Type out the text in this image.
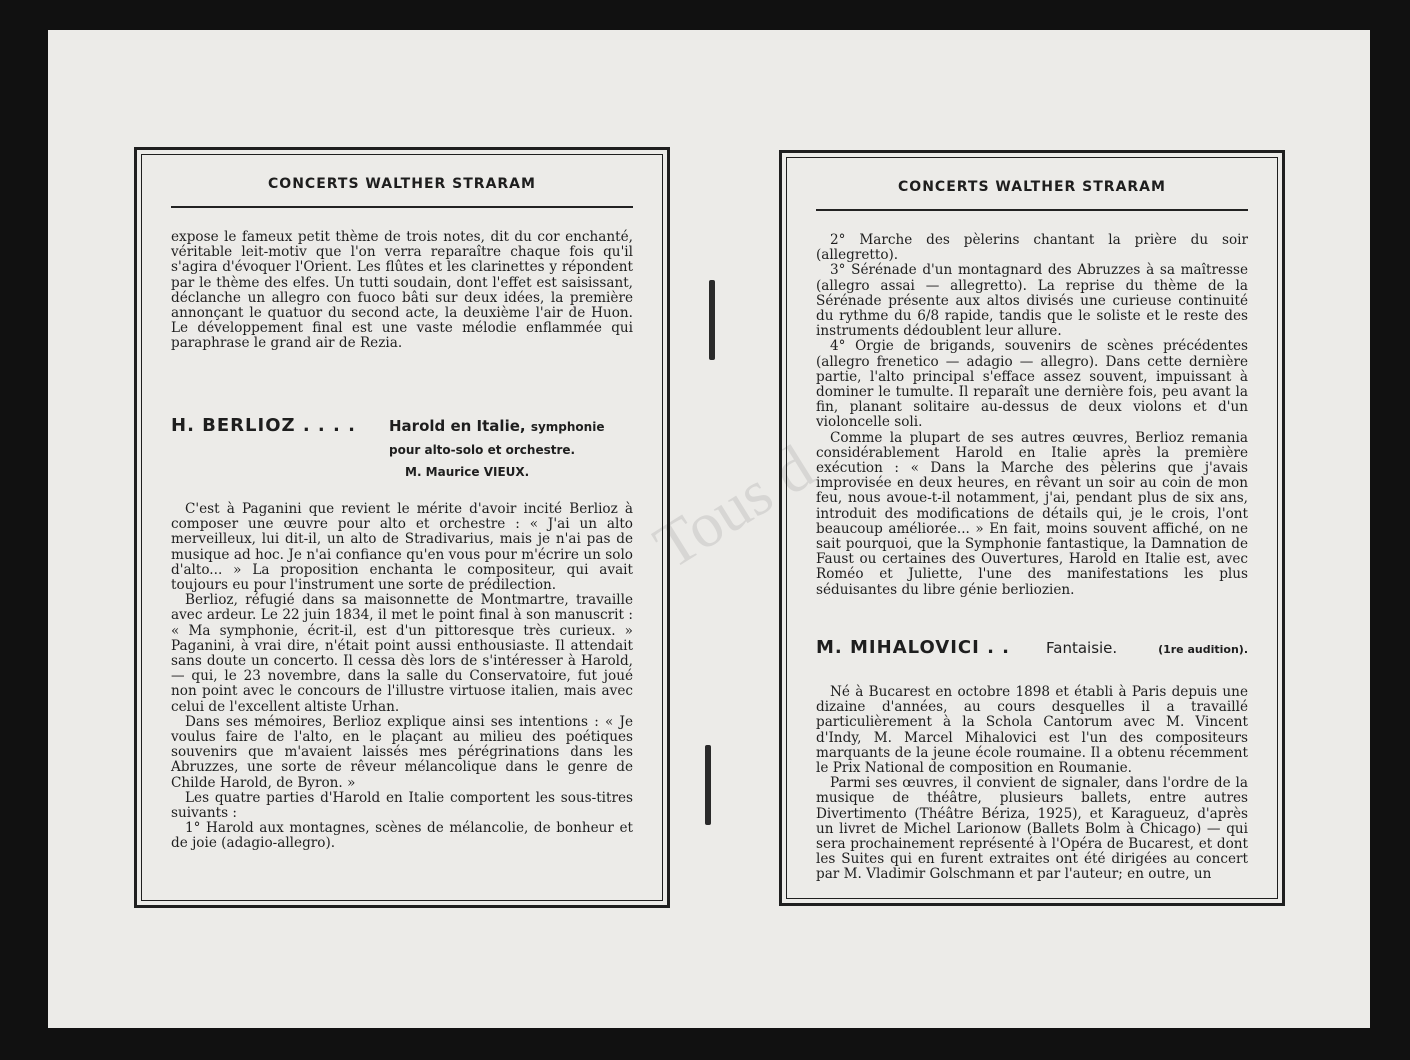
Tous d
CONCERTS WALTHER STRARAM

expose le fameux petit thème de trois notes, dit du cor enchanté, véritable leit-motiv que l'on verra reparaître chaque fois qu'il s'agira d'évoquer l'Orient. Les flûtes et les clarinettes y répondent par le thème des elfes. Un tutti soudain, dont l'effet est saisissant, déclanche un allegro con fuoco bâti sur deux idées, la première annonçant le quatuor du second acte, la deuxième l'air de Huon. Le développement final est une vaste mélodie enflammée qui paraphrase le grand air de Rezia.

H. BERLIOZ . . . . Harold en Italie, symphonie
pour alto-solo et orchestre.
M. Maurice VIEUX.

C'est à Paganini que revient le mérite d'avoir incité Berlioz à composer une œuvre pour alto et orchestre : « J'ai un alto merveilleux, lui dit-il, un alto de Stradivarius, mais je n'ai pas de musique ad hoc. Je n'ai confiance qu'en vous pour m'écrire un solo d'alto... » La proposition enchanta le compositeur, qui avait toujours eu pour l'instrument une sorte de prédilection.

Berlioz, réfugié dans sa maisonnette de Montmartre, travaille avec ardeur. Le 22 juin 1834, il met le point final à son manuscrit : « Ma symphonie, écrit-il, est d'un pittoresque très curieux. » Paganini, à vrai dire, n'était point aussi enthousiaste. Il attendait sans doute un concerto. Il cessa dès lors de s'intéresser à Harold, — qui, le 23 novembre, dans la salle du Conservatoire, fut joué non point avec le concours de l'illustre virtuose italien, mais avec celui de l'excellent altiste Urhan.

Dans ses mémoires, Berlioz explique ainsi ses intentions : « Je voulus faire de l'alto, en le plaçant au milieu des poétiques souvenirs que m'avaient laissés mes pérégrinations dans les Abruzzes, une sorte de rêveur mélancolique dans le genre de Childe Harold, de Byron. »

Les quatre parties d'Harold en Italie comportent les sous-titres suivants :

1° Harold aux montagnes, scènes de mélancolie, de bonheur et de joie (adagio-allegro).

CONCERTS WALTHER STRARAM

2° Marche des pèlerins chantant la prière du soir (allegretto).

3° Sérénade d'un montagnard des Abruzzes à sa maîtresse (allegro assai — allegretto). La reprise du thème de la Sérénade présente aux altos divisés une curieuse continuité du rythme du 6/8 rapide, tandis que le soliste et le reste des instruments dédoublent leur allure.

4° Orgie de brigands, souvenirs de scènes précédentes (allegro frenetico — adagio — allegro). Dans cette dernière partie, l'alto principal s'efface assez souvent, impuissant à dominer le tumulte. Il reparaît une dernière fois, peu avant la fin, planant solitaire au-dessus de deux violons et d'un violoncelle soli.

Comme la plupart de ses autres œuvres, Berlioz remania considérablement Harold en Italie après la première exécution : « Dans la Marche des pèlerins que j'avais improvisée en deux heures, en rêvant un soir au coin de mon feu, nous avoue-t-il notamment, j'ai, pendant plus de six ans, introduit des modifications de détails qui, je le crois, l'ont beaucoup améliorée... » En fait, moins souvent affiché, on ne sait pourquoi, que la Symphonie fantastique, la Damnation de Faust ou certaines des Ouvertures, Harold en Italie est, avec Roméo et Juliette, l'une des manifestations les plus séduisantes du libre génie berliozien.

M. MIHALOVICI . . Fantaisie.	(1re audition).

Né à Bucarest en octobre 1898 et établi à Paris depuis une dizaine d'années, au cours desquelles il a travaillé particulièrement à la Schola Cantorum avec M. Vincent d'Indy, M. Marcel Mihalovici est l'un des compositeurs marquants de la jeune école roumaine. Il a obtenu récemment le Prix National de composition en Roumanie.

Parmi ses œuvres, il convient de signaler, dans l'ordre de la musique de théâtre, plusieurs ballets, entre autres Divertimento (Théâtre Bériza, 1925), et Karagueuz, d'après un livret de Michel Larionow (Ballets Bolm à Chicago) — qui sera prochainement représenté à l'Opéra de Bucarest, et dont les Suites qui en furent extraites ont été dirigées au concert par M. Vladimir Golschmann et par l'auteur; en outre, un
